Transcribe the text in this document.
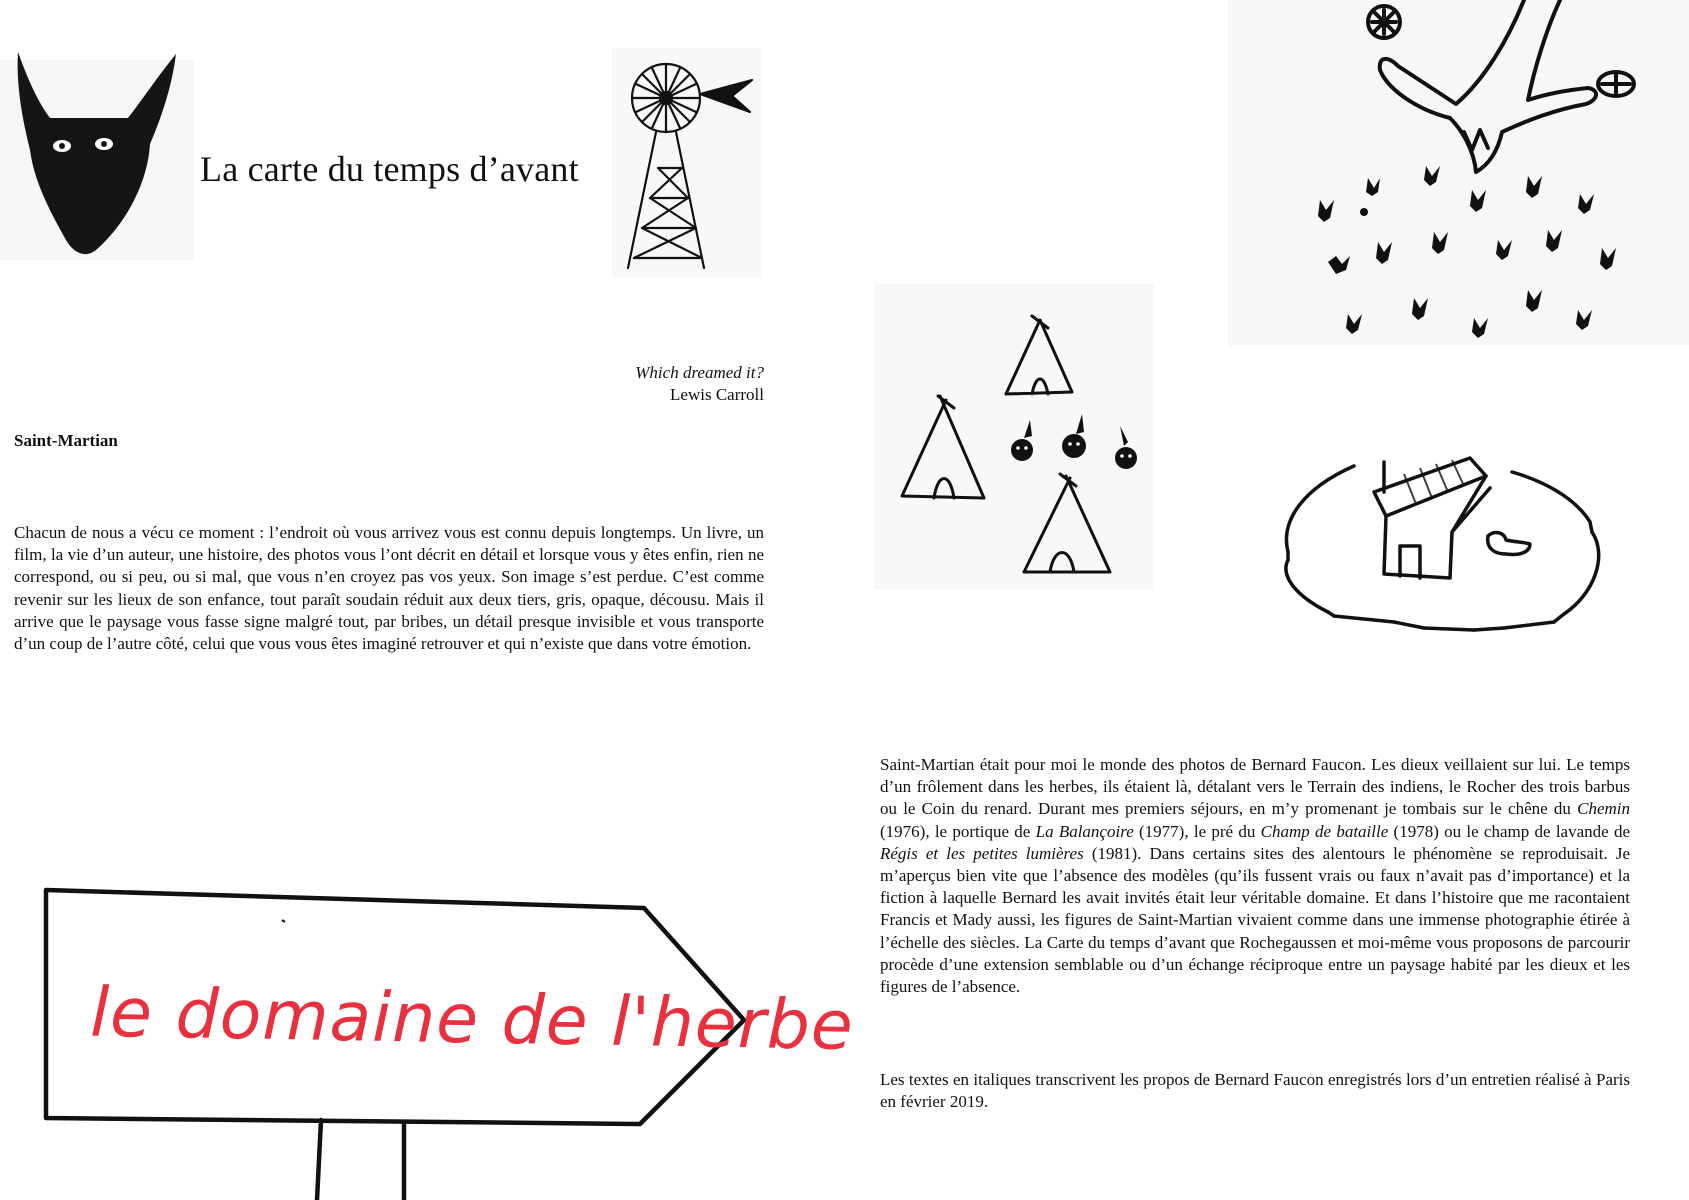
le domaine de l'herbe
La carte du temps d’avant
Which dreamed it?
Lewis Carroll
Saint-Martian
Chacun de nous a vécu ce moment : l’endroit où vous arrivez vous est connu depuis longtemps. Un livre, un film, la vie d’un auteur, une histoire, des photos vous l’ont décrit en détail et lorsque vous y êtes enfin, rien ne correspond, ou si peu, ou si mal, que vous n’en croyez pas vos yeux. Son image s’est perdue. C’est comme revenir sur les lieux de son enfance, tout paraît soudain réduit aux deux tiers, gris, opaque, décousu. Mais il arrive que le paysage vous fasse signe malgré tout, par bribes, un détail presque invisible et vous transporte d’un coup de l’autre côté, celui que vous vous êtes imaginé retrouver et qui n’existe que dans votre émotion.
Saint-Martian était pour moi le monde des photos de Bernard Faucon. Les dieux veillaient sur lui. Le temps d’un frôlement dans les herbes, ils étaient là, détalant vers le Terrain des indiens, le Rocher des trois barbus ou le Coin du renard. Durant mes premiers séjours, en m’y promenant je tombais sur le chêne du Chemin (1976), le portique de La Balançoire (1977), le pré du Champ de bataille (1978) ou le champ de lavande de Régis et les petites lumières (1981). Dans certains sites des alentours le phénomène se reproduisait. Je m’aperçus bien vite que l’absence des modèles (qu’ils fussent vrais ou faux n’avait pas d’importance) et la fiction à laquelle Bernard les avait invités était leur véritable domaine. Et dans l’histoire que me racontaient Francis et Mady aussi, les figures de Saint-Martian vivaient comme dans une immense photographie étirée à l’échelle des siècles. La Carte du temps d’avant que Rochegaussen et moi-même vous proposons de parcourir procède d’une extension semblable ou d’un échange réciproque entre un paysage habité par les dieux et les figures de l’absence.
Les textes en italiques transcrivent les propos de Bernard Faucon enregistrés lors d’un entretien réalisé à Paris en février 2019.
